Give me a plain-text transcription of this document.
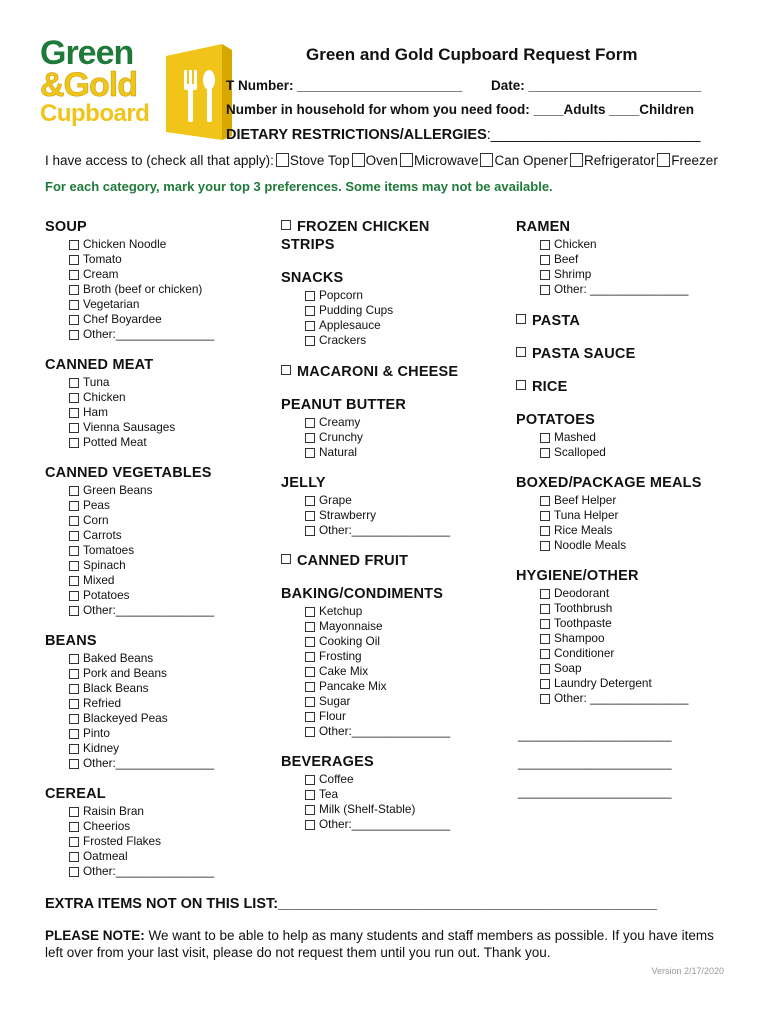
Green
&Gold
Cupboard
Green and Gold Cupboard Request Form
T Number: ______________________ Date: _______________________
Number in household for whom you need food: ____Adults ____Children
DIETARY RESTRICTIONS/ALLERGIES:__________________________
I have access to (check all that apply): Stove Top Oven Microwave Can Opener Refrigerator Freezer
For each category, mark your top 3 preferences. Some items may not be available.
SOUP
Chicken Noodle
Tomato
Cream
Broth (beef or chicken)
Vegetarian
Chef Boyardee
Other:_______________
CANNED MEAT
Tuna
Chicken
Ham
Vienna Sausages
Potted Meat
CANNED VEGETABLES
Green Beans
Peas
Corn
Carrots
Tomatoes
Spinach
Mixed
Potatoes
Other:_______________
BEANS
Baked Beans
Pork and Beans
Black Beans
Refried
Blackeyed Peas
Pinto
Kidney
Other:_______________
CEREAL
Raisin Bran
Cheerios
Frosted Flakes
Oatmeal
Other:_______________
FROZEN CHICKEN
STRIPS
SNACKS
Popcorn
Pudding Cups
Applesauce
Crackers
MACARONI & CHEESE
PEANUT BUTTER
Creamy
Crunchy
Natural
JELLY
Grape
Strawberry
Other:_______________
CANNED FRUIT
BAKING/CONDIMENTS
Ketchup
Mayonnaise
Cooking Oil
Frosting
Cake Mix
Pancake Mix
Sugar
Flour
Other:_______________
BEVERAGES
Coffee
Tea
Milk (Shelf-Stable)
Other:_______________
RAMEN
Chicken
Beef
Shrimp
Other: _______________
PASTA
PASTA SAUCE
RICE
POTATOES
Mashed
Scalloped
BOXED/PACKAGE MEALS
Beef Helper
Tuna Helper
Rice Meals
Noodle Meals
HYGIENE/OTHER
Deodorant
Toothbrush
Toothpaste
Shampoo
Conditioner
Soap
Laundry Detergent
Other: _______________
_______________________
_______________________
_______________________
EXTRA ITEMS NOT ON THIS LIST:_______________________________________________
PLEASE NOTE: We want to be able to help as many students and staff members as possible. If you have items left over from your last visit, please do not request them until you run out. Thank you.
Version 2/17/2020
